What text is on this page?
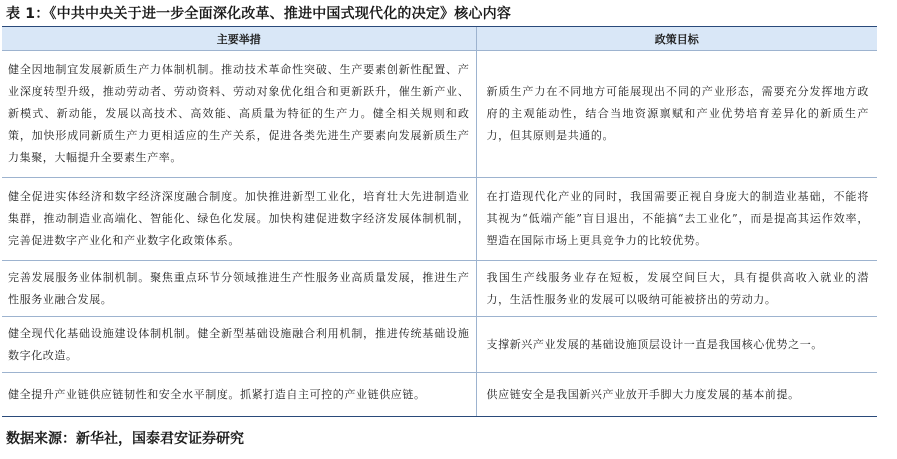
表 1：《中共中央关于进一步全面深化改革、推进中国式现代化的决定》核心内容
主要举措	政策目标
健全因地制宜发展新质生产力体制机制。推动技术革命性突破、生产要素创新性配置、产业深度转型升级，推动劳动者、劳动资料、劳动对象优化组合和更新跃升，催生新产业、新模式、新动能，发展以高技术、高效能、高质量为特征的生产力。健全相关规则和政策，加快形成同新质生产力更相适应的生产关系，促进各类先进生产要素向发展新质生产力集聚，大幅提升全要素生产率。	新质生产力在不同地方可能展现出不同的产业形态，需要充分发挥地方政府的主观能动性，结合当地资源禀赋和产业优势培育差异化的新质生产力，但其原则是共通的。
健全促进实体经济和数字经济深度融合制度。加快推进新型工业化，培育壮大先进制造业集群，推动制造业高端化、智能化、绿色化发展。加快构建促进数字经济发展体制机制，完善促进数字产业化和产业数字化政策体系。	在打造现代化产业的同时，我国需要正视自身庞大的制造业基础，不能将其视为“低端产能”盲目退出，不能搞“去工业化”，而是提高其运作效率，塑造在国际市场上更具竞争力的比较优势。
完善发展服务业体制机制。聚焦重点环节分领域推进生产性服务业高质量发展，推进生产性服务业融合发展。	我国生产线服务业存在短板，发展空间巨大，具有提供高收入就业的潜力，生活性服务业的发展可以吸纳可能被挤出的劳动力。
健全现代化基础设施建设体制机制。健全新型基础设施融合利用机制，推进传统基础设施数字化改造。	支撑新兴产业发展的基础设施顶层设计一直是我国核心优势之一。
健全提升产业链供应链韧性和安全水平制度。抓紧打造自主可控的产业链供应链。	供应链安全是我国新兴产业放开手脚大力度发展的基本前提。
数据来源：新华社，国泰君安证券研究
